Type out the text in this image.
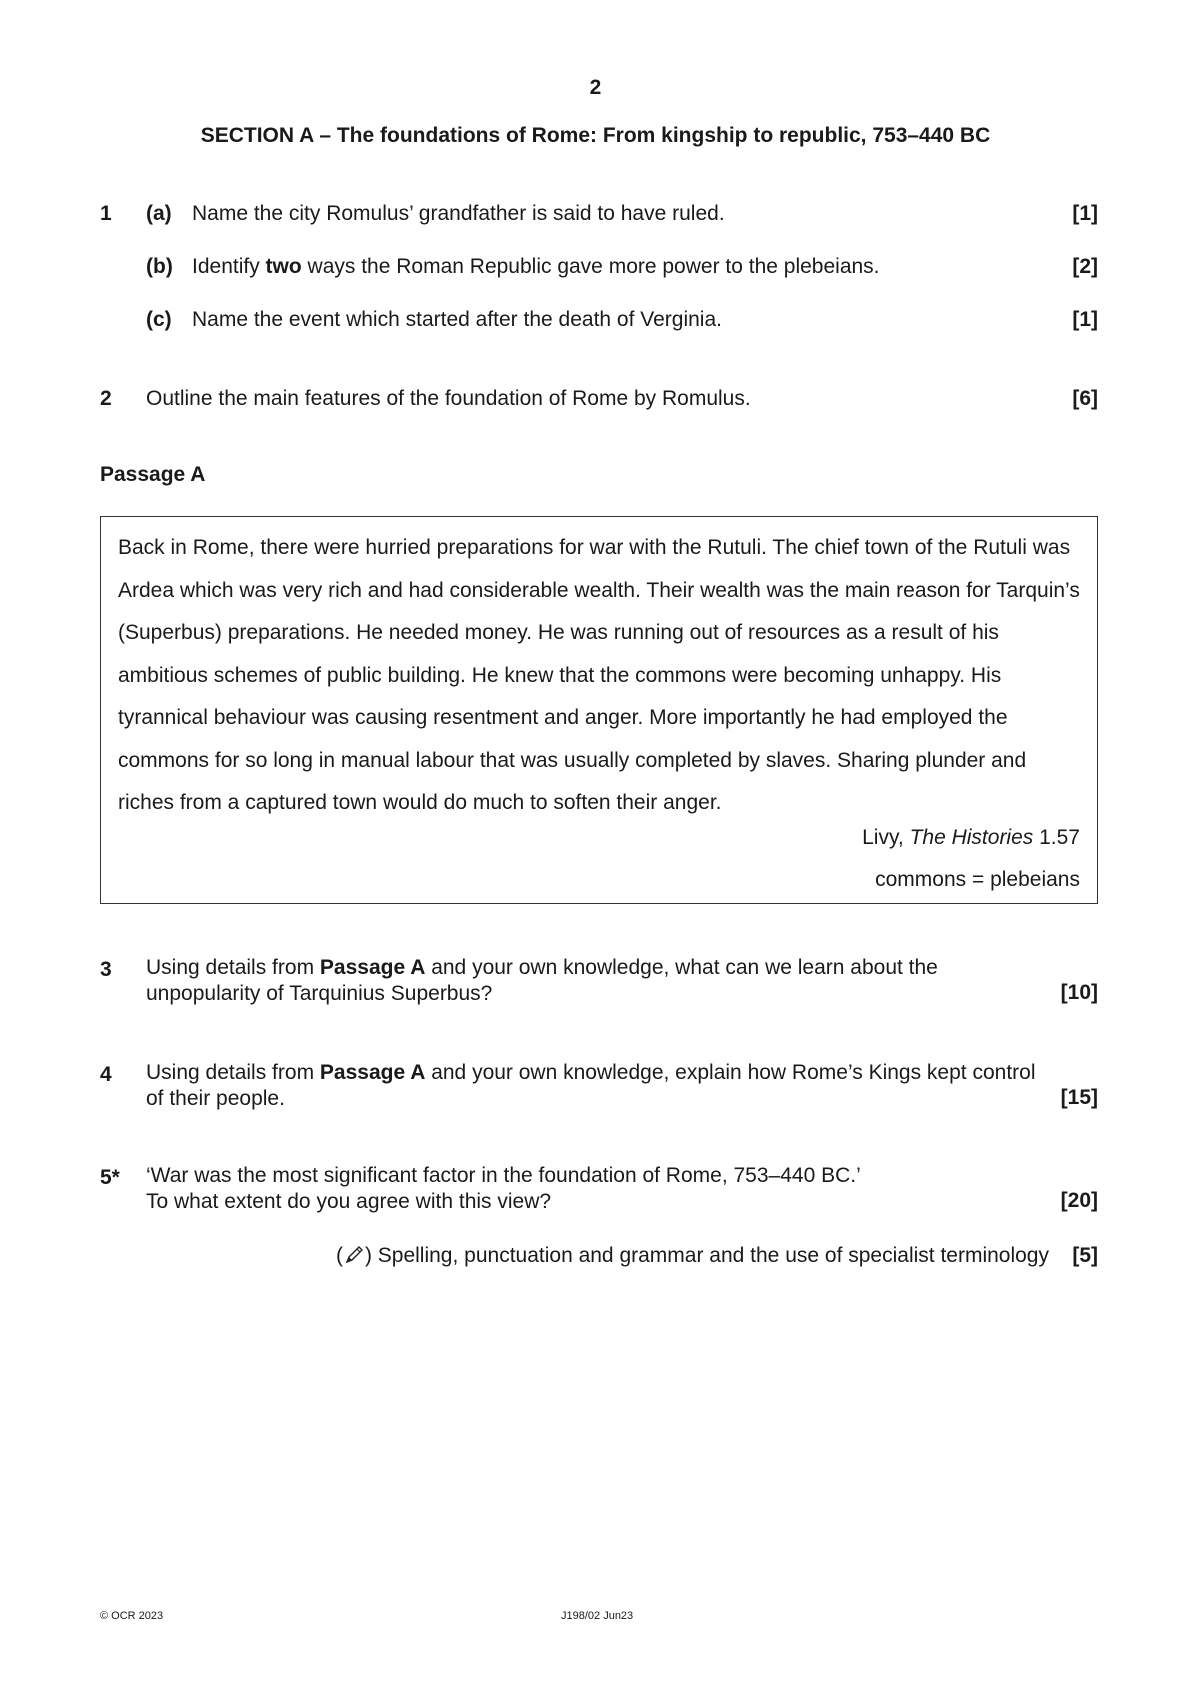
2
SECTION A – The foundations of Rome: From kingship to republic, 753–440 BC
1 (a) Name the city Romulus’ grandfather is said to have ruled.	[1]
(b) Identify two ways the Roman Republic gave more power to the plebeians.	[2]
(c) Name the event which started after the death of Verginia.	[1]
2 Outline the main features of the foundation of Rome by Romulus.	[6]
Passage A
Back in Rome, there were hurried preparations for war with the Rutuli. The chief town of the Rutuli was Ardea which was very rich and had considerable wealth. Their wealth was the main reason for Tarquin’s (Superbus) preparations. He needed money. He was running out of resources as a result of his ambitious schemes of public building. He knew that the commons were becoming unhappy. His tyrannical behaviour was causing resentment and anger. More importantly he had employed the commons for so long in manual labour that was usually completed by slaves. Sharing plunder and riches from a captured town would do much to soften their anger.
Livy, The Histories 1.57
commons = plebeians
3 Using details from Passage A and your own knowledge, what can we learn about the
unpopularity of Tarquinius Superbus?	[10]
4 Using details from Passage A and your own knowledge, explain how Rome’s Kings kept control
of their people.	[15]
5* ‘War was the most significant factor in the foundation of Rome, 753–440 BC.’
To what extent do you agree with this view?	[20]
( ) Spelling, punctuation and grammar and the use of specialist terminology [5]
© OCR 2023	J198/02 Jun23
